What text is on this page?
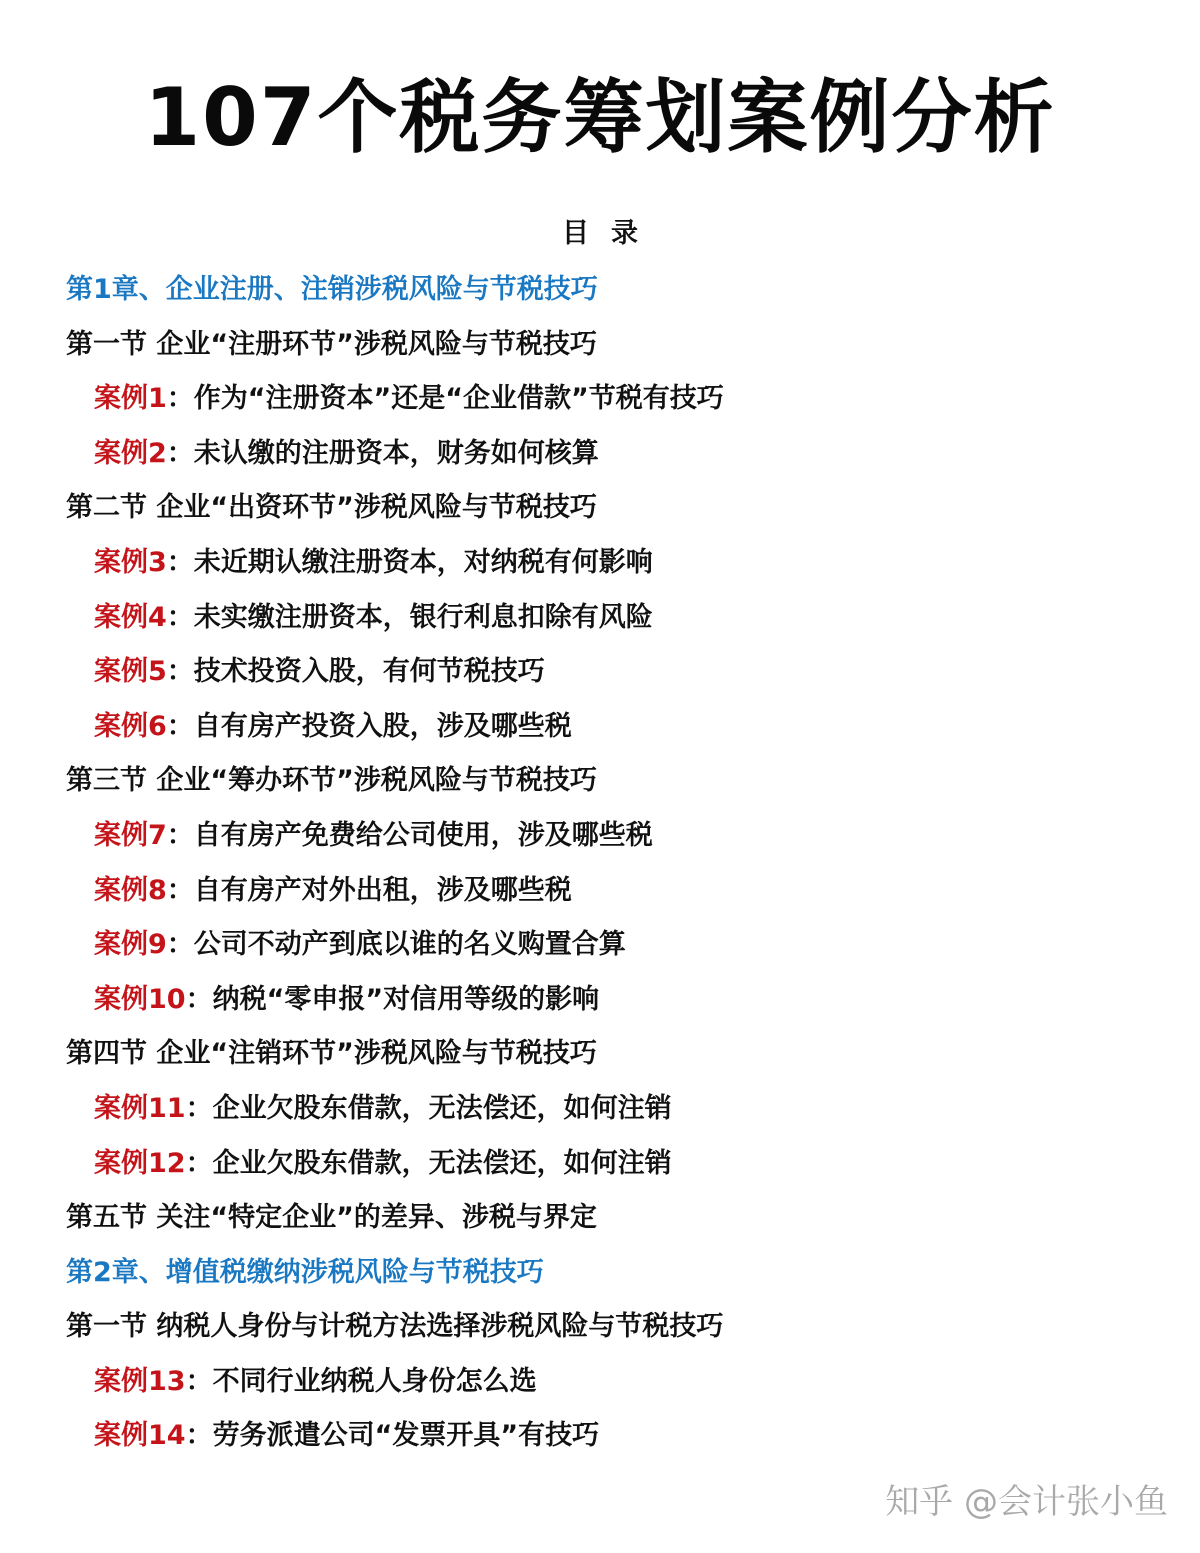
107个税务筹划案例分析
目录
第1章、企业注册、注销涉税风险与节税技巧
第一节 企业“注册环节”涉税风险与节税技巧
案例1：作为“注册资本”还是“企业借款”节税有技巧
案例2：未认缴的注册资本，财务如何核算
第二节 企业“出资环节”涉税风险与节税技巧
案例3：未近期认缴注册资本，对纳税有何影响
案例4：未实缴注册资本，银行利息扣除有风险
案例5：技术投资入股，有何节税技巧
案例6：自有房产投资入股，涉及哪些税
第三节 企业“筹办环节”涉税风险与节税技巧
案例7：自有房产免费给公司使用，涉及哪些税
案例8：自有房产对外出租，涉及哪些税
案例9：公司不动产到底以谁的名义购置合算
案例10：纳税“零申报”对信用等级的影响
第四节 企业“注销环节”涉税风险与节税技巧
案例11：企业欠股东借款，无法偿还，如何注销
案例12：企业欠股东借款，无法偿还，如何注销
第五节 关注“特定企业”的差异、涉税与界定
第2章、增值税缴纳涉税风险与节税技巧
第一节 纳税人身份与计税方法选择涉税风险与节税技巧
案例13：不同行业纳税人身份怎么选
案例14：劳务派遣公司“发票开具”有技巧
知乎 @会计张小鱼
